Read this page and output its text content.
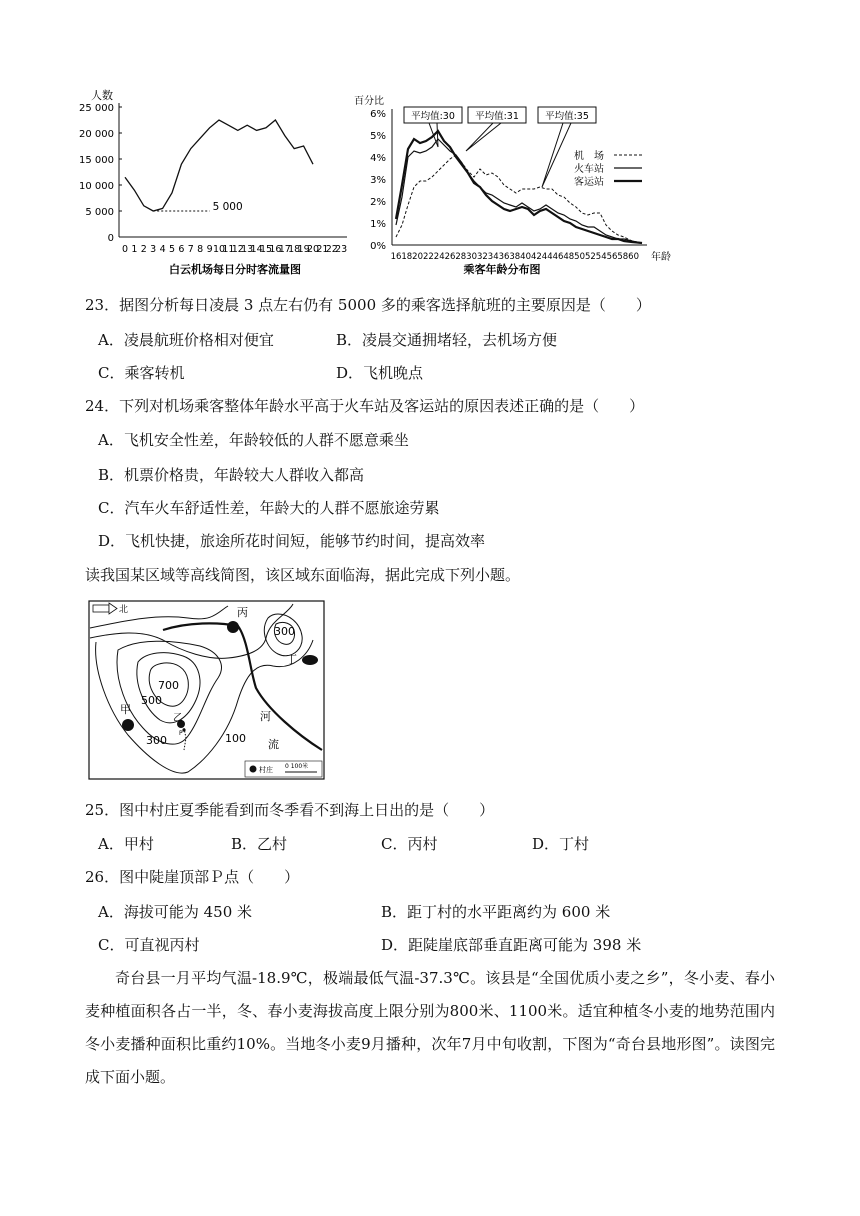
人数
25 000
20 000
15 000
10 000
5 000
0
0 1 2 3 4 5 6 7 8 9 10
11
12
13
14
15
16
17
18
19
20
21
22
23
5 000
白云机场每日分时客流量图
百分比
6%
5%
4%
3%
2%
1%
0%
16 18 20 22 24 26 28 30 32 34 36 38 40 42 44 46 48 50 52 54 56 58 60 年龄
平均值:30 平均值:31	平均值:35
机　场
火车站
客运站
乘客年龄分布图
23．据图分析每日凌晨 3 点左右仍有 5000 多的乘客选择航班的主要原因是（　　）
A．凌晨航班价格相对便宜	B．凌晨交通拥堵轻，去机场方便
C．乘客转机	D．飞机晚点
24．下列对机场乘客整体年龄水平高于火车站及客运站的原因表述正确的是（　　）
A．飞机安全性差，年龄较低的人群不愿意乘坐
B．机票价格贵，年龄较大人群收入都高
C．汽车火车舒适性差，年龄大的人群不愿旅途劳累
D．飞机快捷，旅途所花时间短，能够节约时间，提高效率
读我国某区域等高线简图，该区域东面临海，据此完成下列小题。
北
300
700
500
300	100
甲
乙
丙
丁
P
河
流
村庄 0 100米
25．图中村庄夏季能看到而冬季看不到海上日出的是（　　）
A．甲村	B．乙村	C．丙村	D．丁村
26．图中陡崖顶部Ｐ点（　　）
A．海拔可能为 450 米	B．距丁村的水平距离约为 600 米
C．可直视丙村	D．距陡崖底部垂直距离可能为 398 米
奇台县一月平均气温-18.9℃，极端最低气温-37.3℃。该县是“全国优质小麦之乡”，冬小麦、春小麦种植面积各占一半，冬、春小麦海拔高度上限分别为800米、1100米。适宜种植冬小麦的地势范围内冬小麦播种面积比重约10%。当地冬小麦9月播种，次年7月中旬收割，下图为“奇台县地形图”。读图完成下面小题。
